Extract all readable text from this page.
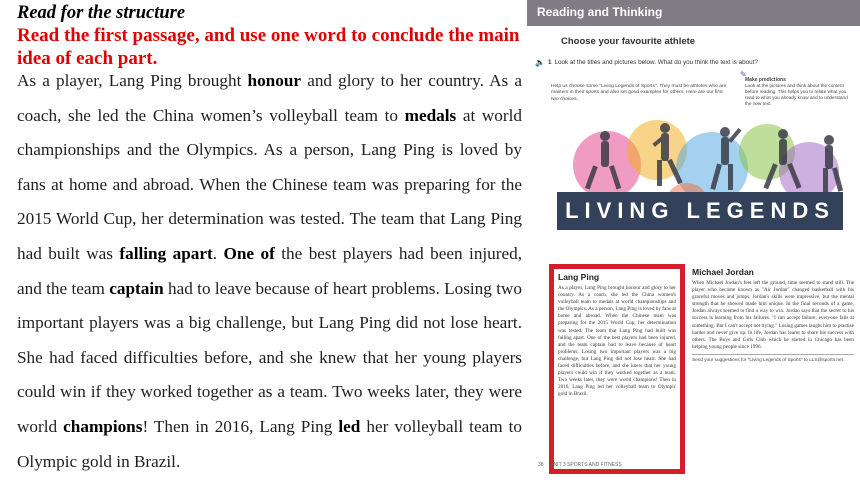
Read for the structure
Read the first passage, and use one word to conclude the main idea of each part.
As a player, Lang Ping brought honour and glory to her country. As a coach, she led the China women’s volleyball team to medals at world championships and the Olympics. As a person, Lang Ping is loved by fans at home and abroad. When the Chinese team was preparing for the 2015 World Cup, her determination was tested. The team that Lang Ping had built was falling apart. One of the best players had been injured, and the team captain had to leave because of heart problems. Losing two important players was a big challenge, but Lang Ping did not lose heart. She had faced difficulties before, and she knew that her young players could win if they worked together as a team. Two weeks later, they were world champions! Then in 2016, Lang Ping led her volleyball team to Olympic gold in Brazil.
Reading and Thinking
Choose your favourite athlete
🔈 1 Look at the titles and pictures below. What do you think the text is about?
Help us choose some "Living Legends of Sports". They must be athletes who are masters in their sports and also set good examples for others. Here are our first two choices.
✎
Make predictions
Look at the pictures and think about the content before reading. This helps you to relate what you read to what you already know and to understand the new text.
LIVING LEGENDS
Lang Ping
As a player, Lang Ping brought honour and glory to her country. As a coach, she led the China women's volleyball team to medals at world championships and the Olympics. As a person, Lang Ping is loved by fans at home and abroad. When the Chinese team was preparing for the 2015 World Cup, her determination was tested. The team that Lang Ping had built was falling apart. One of the best players had been injured, and the team captain had to leave because of heart problems. Losing two important players was a big challenge, but Lang Ping did not lose heart. She had faced difficulties before, and she knew that her young players could win if they worked together as a team. Two weeks later, they were world champions! Then in 2016, Lang Ping led her volleyball team to Olympic gold in Brazil.
Michael Jordan
When Michael Jordan's feet left the ground, time seemed to stand still. The player who became known as "Air Jordan" changed basketball with his graceful moves and jumps. Jordan's skills were impressive, but the mental strength that he showed made him unique. In the final seconds of a game, Jordan always seemed to find a way to win. Jordan says that the secret to his success is learning from his failures. "I can accept failure; everyone fails at something. But I can't accept not trying." Losing games taught him to practise harder and never give up. In life, Jordan has learnt to share his success with others. The Boys and Girls Club which he started in Chicago has been helping young people since 1996.
Send your suggestions for "Living Legends of Sports" to LLS@sports.net.
38 UNIT 3 SPORTS AND FITNESS
